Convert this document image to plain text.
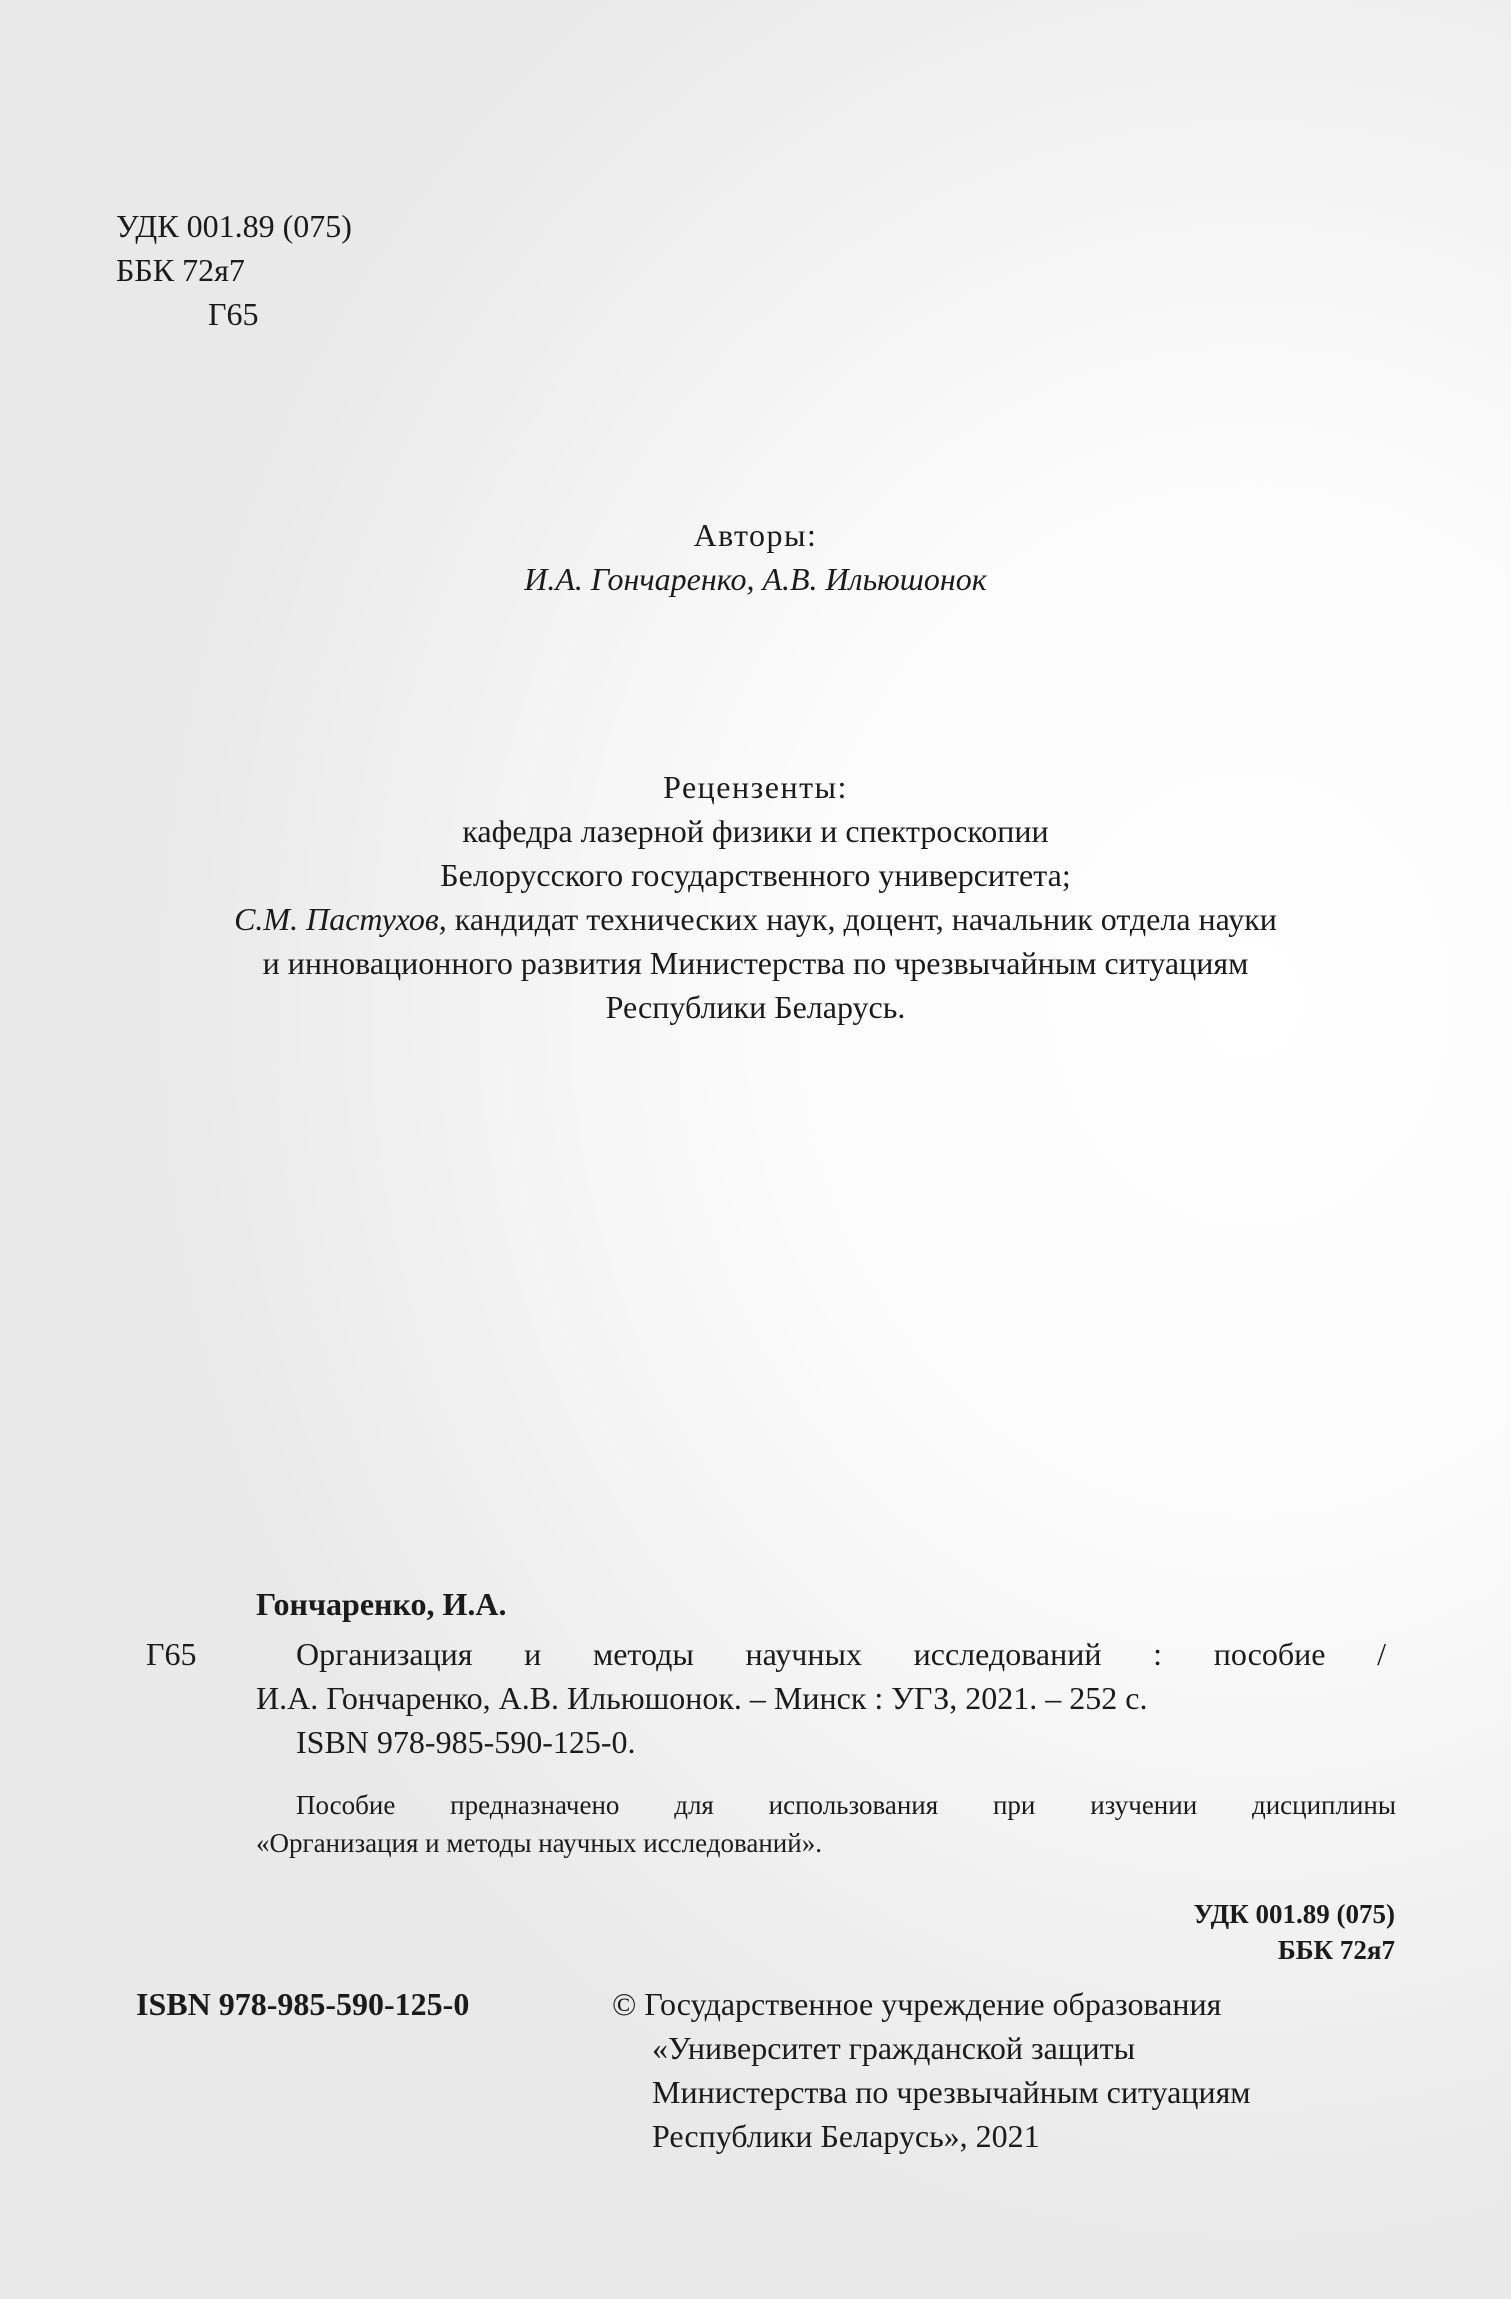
УДК 001.89 (075)
ББК 72я7
Г65
Авторы:
И.А. Гончаренко, А.В. Ильюшонок
Рецензенты:
кафедра лазерной физики и спектроскопии
Белорусского государственного университета;
С.М. Пастухов, кандидат технических наук, доцент, начальник отдела науки
и инновационного развития Министерства по чрезвычайным ситуациям
Республики Беларусь.
Гончаренко, И.А.
Г65	Организация и методы научных исследований : пособие /
И.А. Гончаренко, А.В. Ильюшонок. – Минск : УГЗ, 2021. – 252 с.
ISBN 978-985-590-125-0.
Пособие предназначено для использования при изучении дисциплины
«Организация и методы научных исследований».
УДК 001.89 (075)
ББК 72я7
ISBN 978-985-590-125-0	© Государственное учреждение образования
«Университет гражданской защиты
Министерства по чрезвычайным ситуациям
Республики Беларусь», 2021
